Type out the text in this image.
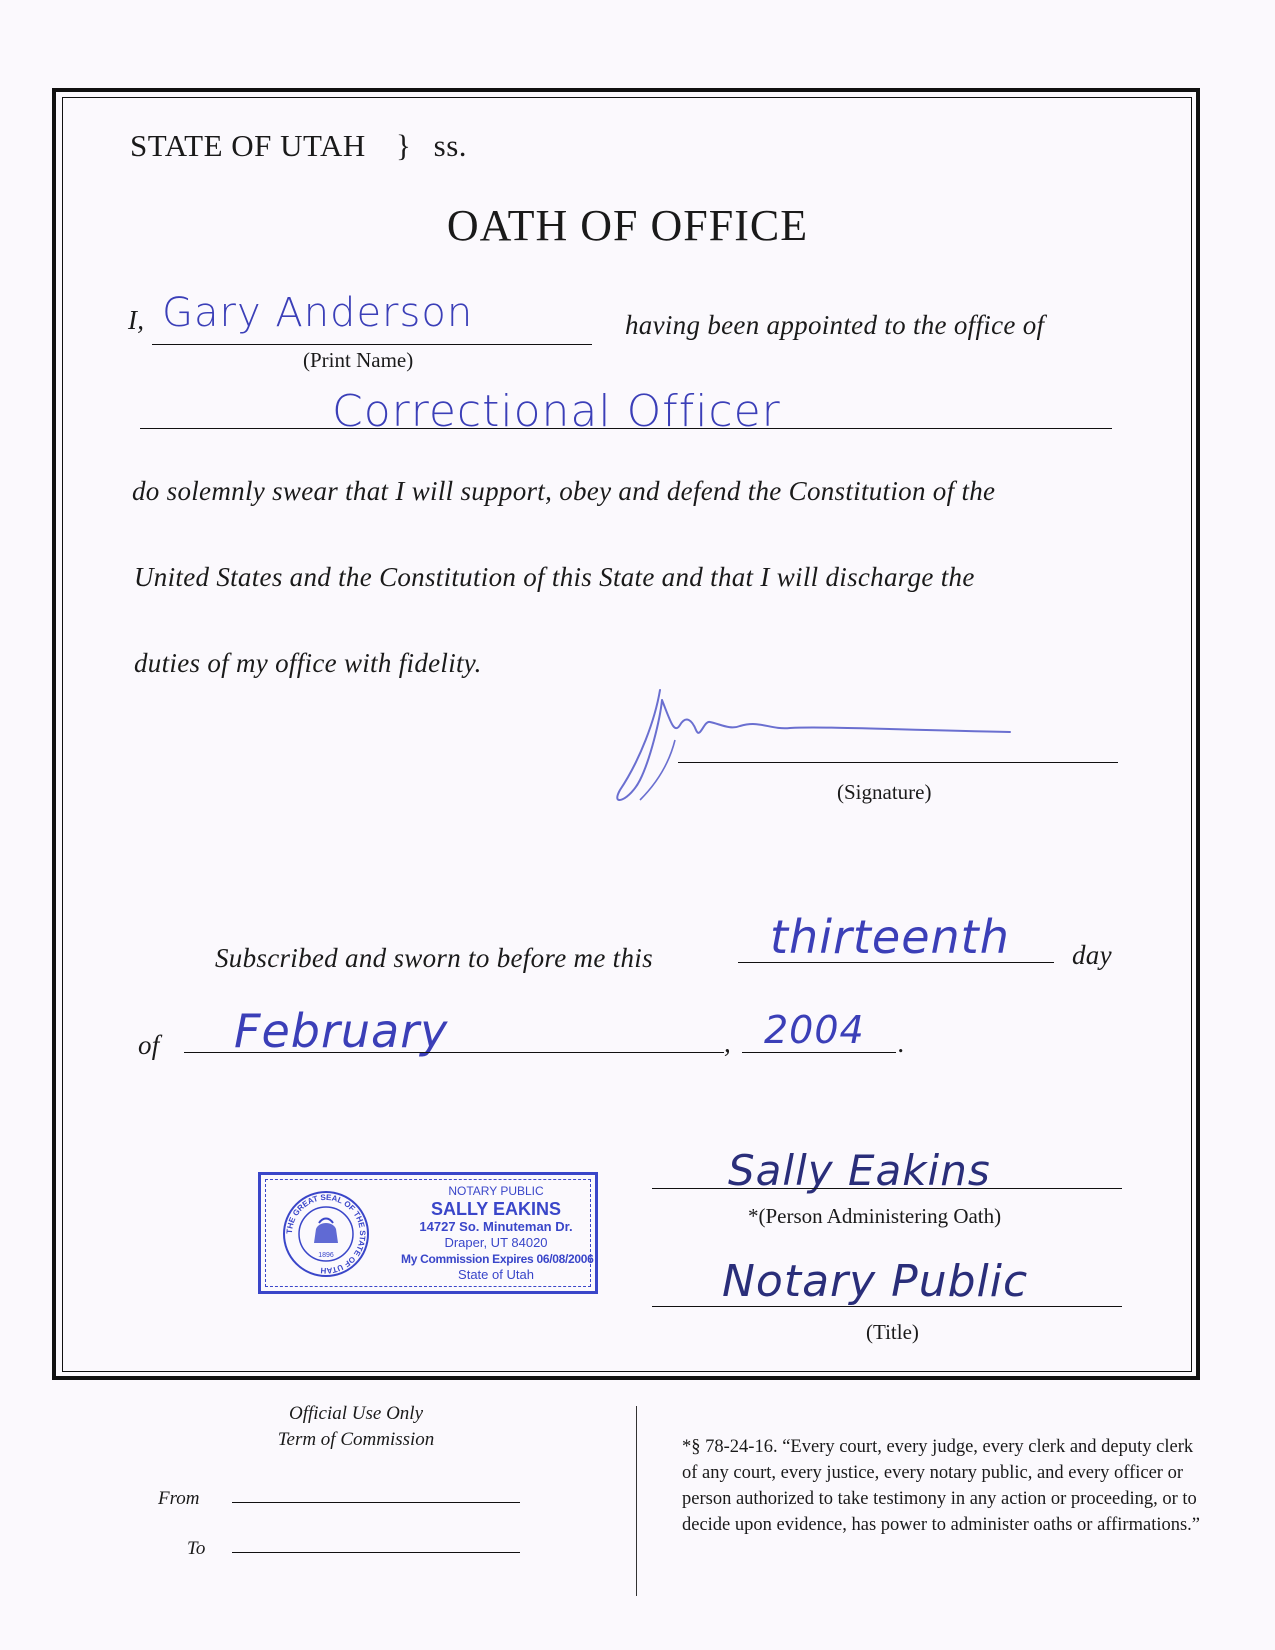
STATE OF UTAH } ss.
OATH OF OFFICE
I, Gary Anderson
(Print Name)
having been appointed to the office of
Correctional Officer
do solemnly swear that I will support, obey and defend the Constitution of the
United States and the Constitution of this State and that I will discharge the
duties of my office with fidelity.
(Signature)
Subscribed and sworn to before me this	thirteenth day
of February	, 2004 .
THE GREAT SEAL OF THE STATE OF UTAH
1896
NOTARY PUBLIC
SALLY EAKINS
14727 So. Minuteman Dr.
Draper, UT 84020
My Commission Expires 06/08/2006
State of Utah
Sally Eakins
*(Person Administering Oath)
Notary Public
(Title)
Official Use Only
Term of Commission
From
To
*§ 78-24-16. “Every court, every judge, every clerk and deputy clerk of any court, every justice, every notary public, and every officer or person authorized to take testimony in any action or proceeding, or to decide upon evidence, has power to administer oaths or affirmations.”
